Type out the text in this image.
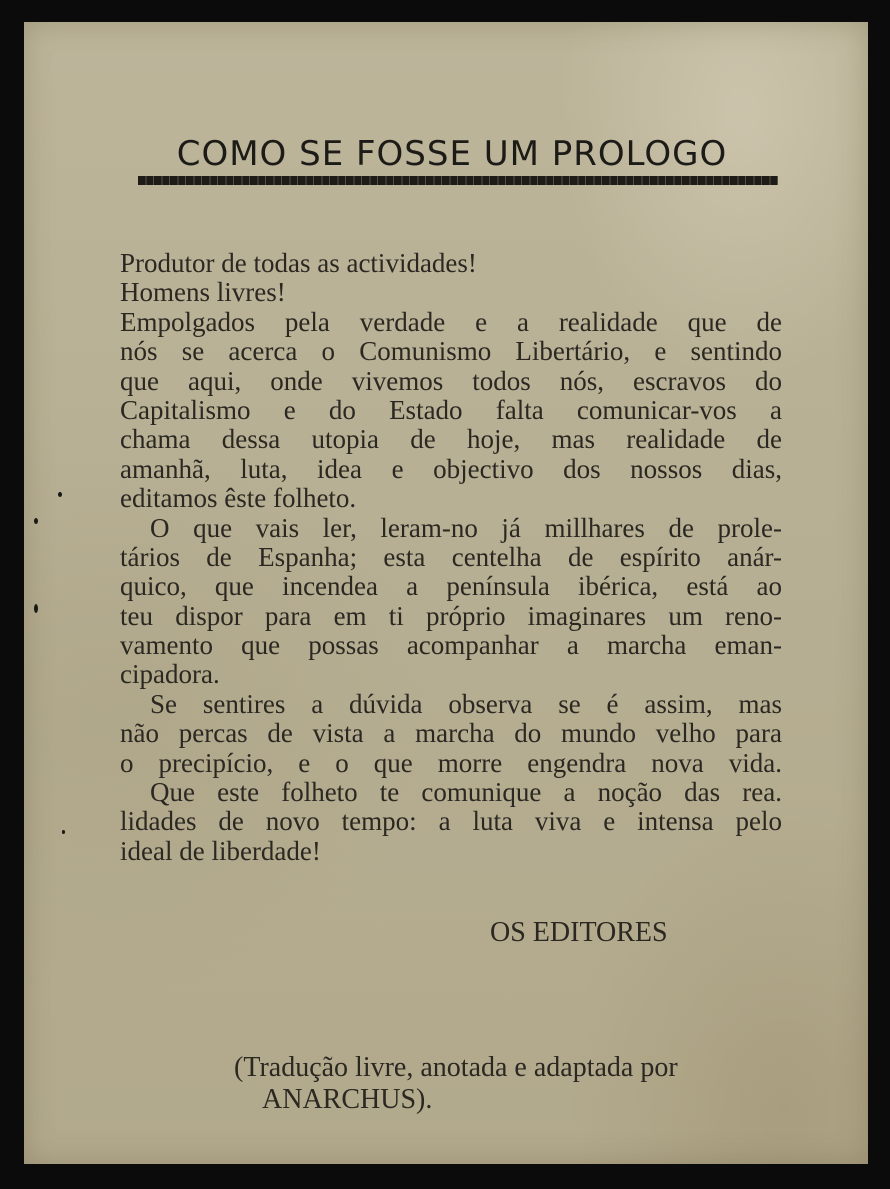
COMO SE FOSSE UM PROLOGO
Produtor de todas as actividades!
Homens livres!
Empolgados pela verdade e a realidade que de
nós se acerca o Comunismo Libertário, e sentindo
que aqui, onde vivemos todos nós, escravos do
Capitalismo e do Estado falta comunicar-vos a
chama dessa utopia de hoje, mas realidade de
amanhã, luta, idea e objectivo dos nossos dias,
editamos êste folheto.
O que vais ler, leram-no já millhares de prole-
tários de Espanha; esta centelha de espírito anár-
quico, que incendea a península ibérica, está ao
teu dispor para em ti próprio imaginares um reno-
vamento que possas acompanhar a marcha eman-
cipadora.
Se sentires a dúvida observa se é assim, mas
não percas de vista a marcha do mundo velho para
o precipício, e o que morre engendra nova vida.
Que este folheto te comunique a noção das rea.
lidades de novo tempo: a luta viva e intensa pelo
ideal de liberdade!

OS EDITORES

(Tradução livre, anotada e adaptada por
ANARCHUS).
